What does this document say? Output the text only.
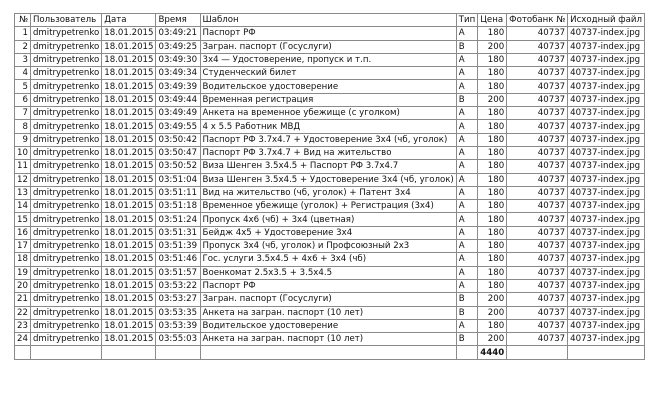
№	Пользователь	Дата	Время	Шаблон	Тип	Цена	Фотобанк №	Исходный файл
1	dmitrypetrenko	18.01.2015	03:49:21	Паспорт РФ	A	180	40737	40737-index.jpg
2	dmitrypetrenko	18.01.2015	03:49:25	Загран. паспорт (Госуслуги)	B	200	40737	40737-index.jpg
3	dmitrypetrenko	18.01.2015	03:49:30	3x4 — Удостоверение, пропуск и т.п.	A	180	40737	40737-index.jpg
4	dmitrypetrenko	18.01.2015	03:49:34	Студенческий билет	A	180	40737	40737-index.jpg
5	dmitrypetrenko	18.01.2015	03:49:39	Водительское удостоверение	A	180	40737	40737-index.jpg
6	dmitrypetrenko	18.01.2015	03:49:44	Временная регистрация	B	200	40737	40737-index.jpg
7	dmitrypetrenko	18.01.2015	03:49:49	Анкета на временное убежище (с уголком)	A	180	40737	40737-index.jpg
8	dmitrypetrenko	18.01.2015	03:49:55	4 x 5.5 Работник МВД	A	180	40737	40737-index.jpg
9	dmitrypetrenko	18.01.2015	03:50:42	Паспорт РФ 3.7x4.7 + Удостоверение 3x4 (чб, уголок)	A	180	40737	40737-index.jpg
10	dmitrypetrenko	18.01.2015	03:50:47	Паспорт РФ 3.7x4.7 + Вид на жительство	A	180	40737	40737-index.jpg
11	dmitrypetrenko	18.01.2015	03:50:52	Виза Шенген 3.5x4.5 + Паспорт РФ 3.7x4.7	A	180	40737	40737-index.jpg
12	dmitrypetrenko	18.01.2015	03:51:04	Виза Шенген 3.5x4.5 + Удостоверение 3x4 (чб, уголок)	A	180	40737	40737-index.jpg
13	dmitrypetrenko	18.01.2015	03:51:11	Вид на жительство (чб, уголок) + Патент 3x4	A	180	40737	40737-index.jpg
14	dmitrypetrenko	18.01.2015	03:51:18	Временное убежище (уголок) + Регистрация (3x4)	A	180	40737	40737-index.jpg
15	dmitrypetrenko	18.01.2015	03:51:24	Пропуск 4x6 (чб) + 3x4 (цветная)	A	180	40737	40737-index.jpg
16	dmitrypetrenko	18.01.2015	03:51:31	Бейдж 4x5 + Удостоверение 3x4	A	180	40737	40737-index.jpg
17	dmitrypetrenko	18.01.2015	03:51:39	Пропуск 3x4 (чб, уголок) и Профсоюзный 2x3	A	180	40737	40737-index.jpg
18	dmitrypetrenko	18.01.2015	03:51:46	Гос. услуги 3.5x4.5 + 4x6 + 3x4 (чб)	A	180	40737	40737-index.jpg
19	dmitrypetrenko	18.01.2015	03:51:57	Военкомат 2.5x3.5 + 3.5x4.5	A	180	40737	40737-index.jpg
20	dmitrypetrenko	18.01.2015	03:53:22	Паспорт РФ	A	180	40737	40737-index.jpg
21	dmitrypetrenko	18.01.2015	03:53:27	Загран. паспорт (Госуслуги)	B	200	40737	40737-index.jpg
22	dmitrypetrenko	18.01.2015	03:53:35	Анкета на загран. паспорт (10 лет)	B	200	40737	40737-index.jpg
23	dmitrypetrenko	18.01.2015	03:53:39	Водительское удостоверение	A	180	40737	40737-index.jpg
24	dmitrypetrenko	18.01.2015	03:55:03	Анкета на загран. паспорт (10 лет)	B	200	40737	40737-index.jpg
						4440		
